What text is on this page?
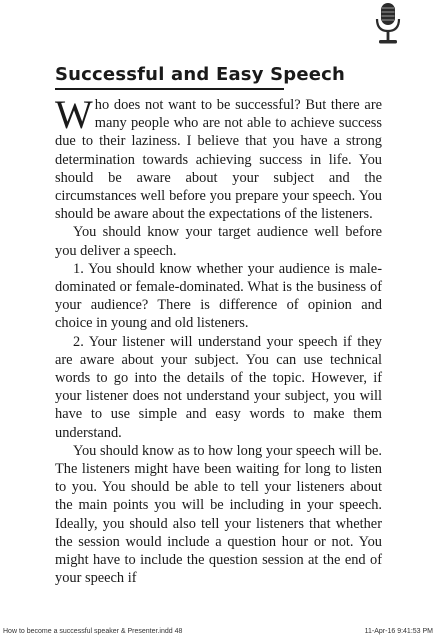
Successful and Easy Speech

Who does not want to be successful? But there are many people who are not able to achieve success due to their laziness. I believe that you have a strong determination towards achieving success in life. You should be aware about your subject and the circumstances well before you prepare your speech. You should be aware about the expectations of the listeners.

You should know your target audience well before you deliver a speech.

1. You should know whether your audience is male-dominated or female-dominated. What is the business of your audience? There is difference of opinion and choice in young and old listeners.

2. Your listener will understand your speech if they are aware about your subject. You can use technical words to go into the details of the topic. However, if your listener does not understand your subject, you will have to use simple and easy words to make them understand.

You should know as to how long your speech will be. The listeners might have been waiting for long to listen to you. You should be able to tell your listeners about the main points you will be including in your speech. Ideally, you should also tell your listeners that whether the session would include a question hour or not. You might have to include the question session at the end of your speech if

How to become a successful speaker & Presenter.indd 48	11-Apr-16 9:41:53 PM
